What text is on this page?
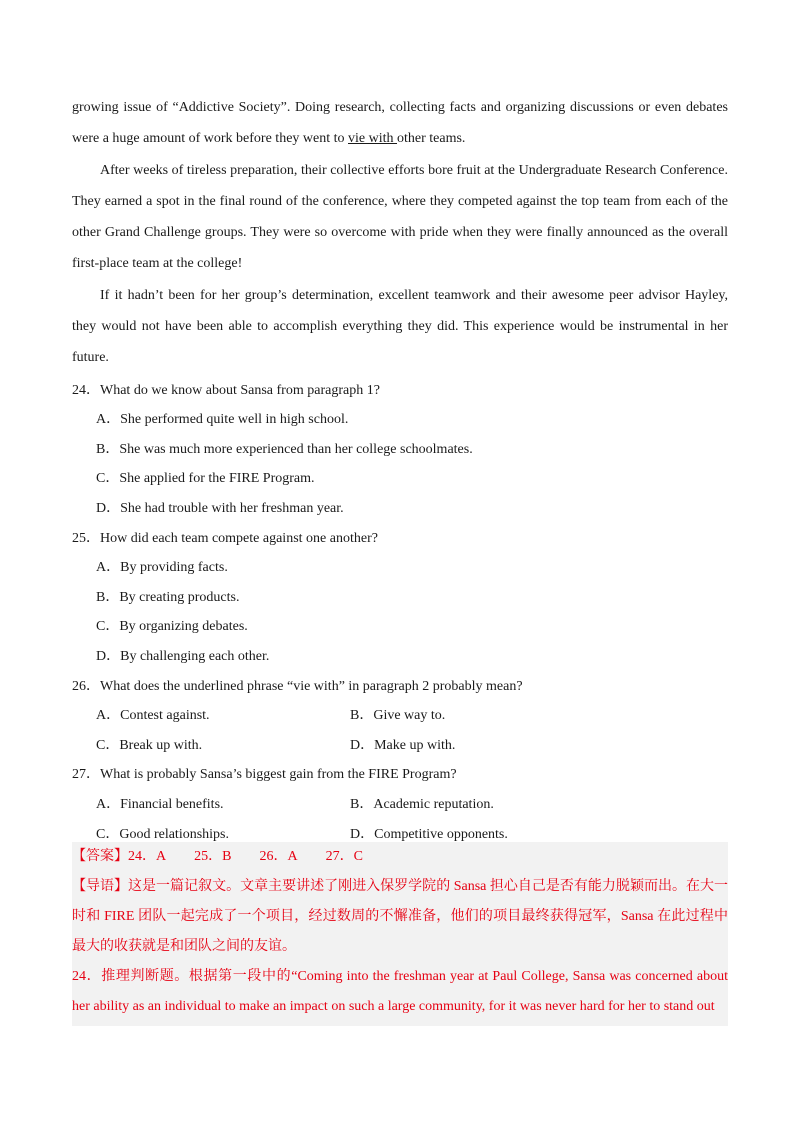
growing issue of “Addictive Society”. Doing research, collecting facts and organizing discussions or even debates were a huge amount of work before they went to vie with other teams.

After weeks of tireless preparation, their collective efforts bore fruit at the Undergraduate Research Conference. They earned a spot in the final round of the conference, where they competed against the top team from each of the other Grand Challenge groups. They were so overcome with pride when they were finally announced as the overall first-place team at the college!

If it hadn’t been for her group’s determination, excellent teamwork and their awesome peer advisor Hayley, they would not have been able to accomplish everything they did. This experience would be instrumental in her future.

24．What do we know about Sansa from paragraph 1?

A．She performed quite well in high school.

B．She was much more experienced than her college schoolmates.

C．She applied for the FIRE Program.

D．She had trouble with her freshman year.

25．How did each team compete against one another?

A．By providing facts.

B．By creating products.

C．By organizing debates.

D．By challenging each other.

26．What does the underlined phrase “vie with” in paragraph 2 probably mean?

A．Contest against.	B．Give way to.
C．Break up with.	D．Make up with.

27．What is probably Sansa’s biggest gain from the FIRE Program?

A．Financial benefits.	B．Academic reputation.
C．Good relationships.	D．Competitive opponents.

【答案】24．A 25．B 26．A 27．C

【导语】这是一篇记叙文。文章主要讲述了刚进入保罗学院的 Sansa 担心自己是否有能力脱颖而出。在大一时和 FIRE 团队一起完成了一个项目，经过数周的不懈准备，他们的项目最终获得冠军，Sansa 在此过程中最大的收获就是和团队之间的友谊。

24．推理判断题。根据第一段中的“Coming into the freshman year at Paul College, Sansa was concerned about her ability as an individual to make an impact on such a large community, for it was never hard for her to stand out
